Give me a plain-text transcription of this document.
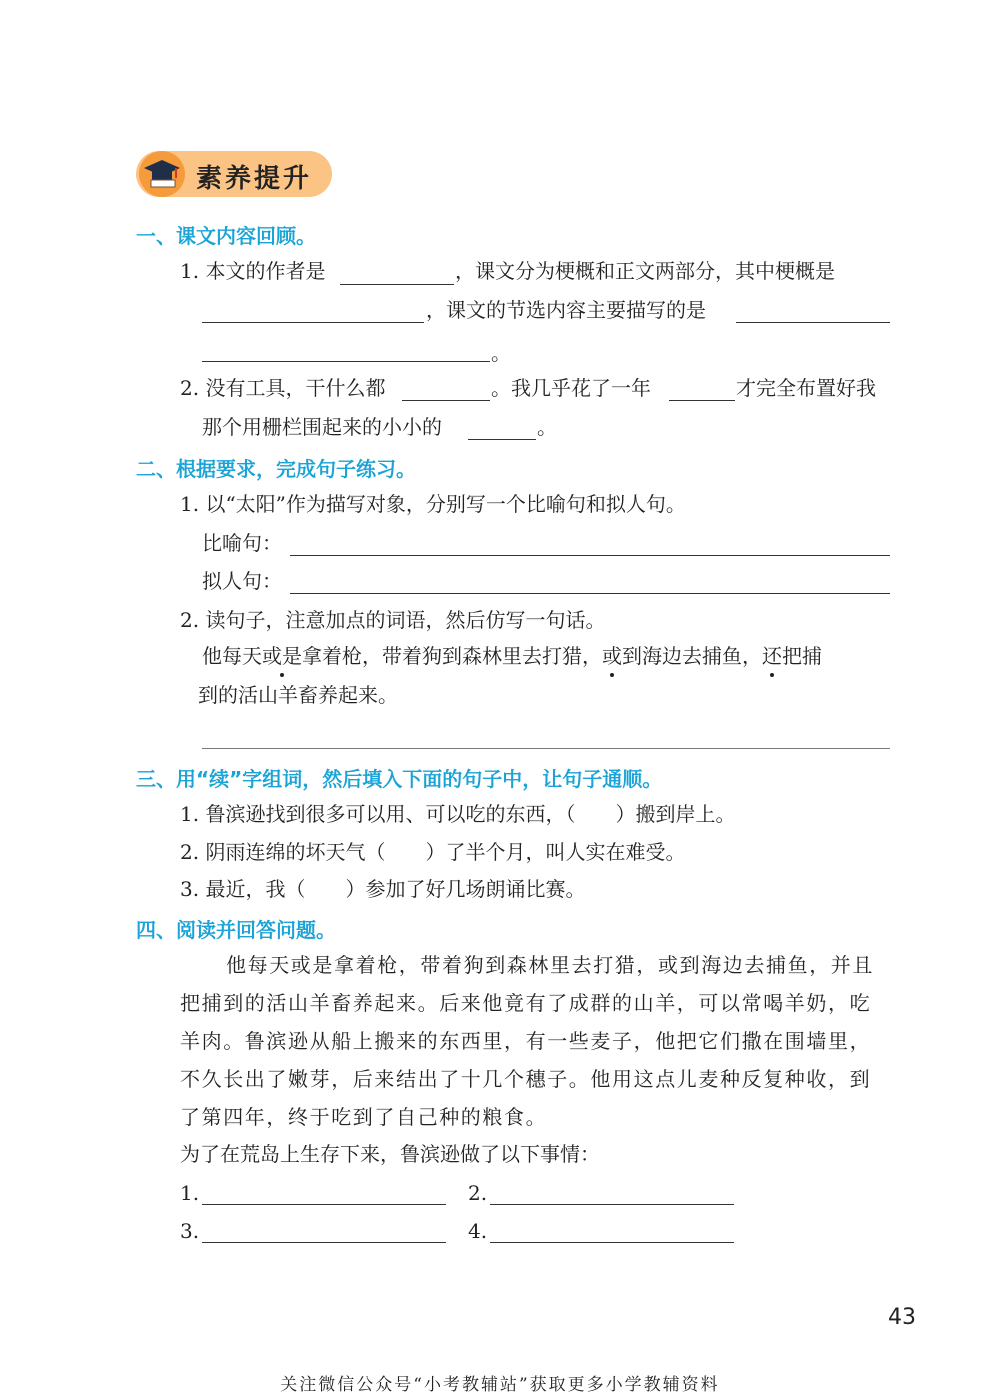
素养提升
一、课文内容回顾。
1. 本文的作者是	，课文分为梗概和正文两部分，其中梗概是
，课文的节选内容主要描写的是
。
2. 没有工具，干什么都	。我几乎花了一年	才完全布置好我
那个用栅栏围起来的小小的	。
二、根据要求，完成句子练习。
1. 以“太阳”作为描写对象，分别写一个比喻句和拟人句。
比喻句：
拟人句：
2. 读句子，注意加点的词语，然后仿写一句话。
他每天或是拿着枪，带着狗到森林里去打猎，或到海边去捕鱼，还把捕
到的活山羊畜养起来。
三、用“续”字组词，然后填入下面的句子中，让句子通顺。
1. 鲁滨逊找到很多可以用、可以吃的东西，（　　）搬到岸上。
2. 阴雨连绵的坏天气（　　）了半个月，叫人实在难受。
3. 最近，我（　　）参加了好几场朗诵比赛。
四、阅读并回答问题。
他每天或是拿着枪，带着狗到森林里去打猎，或到海边去捕鱼，并且
把捕到的活山羊畜养起来。后来他竟有了成群的山羊，可以常喝羊奶，吃
羊肉。鲁滨逊从船上搬来的东西里，有一些麦子，他把它们撒在围墙里，
不久长出了嫩芽，后来结出了十几个穗子。他用这点儿麦种反复种收，到
了第四年，终于吃到了自己种的粮食。
为了在荒岛上生存下来，鲁滨逊做了以下事情：
1.	2.
3.	4.
43
关注微信公众号“小考教辅站”获取更多小学教辅资料
